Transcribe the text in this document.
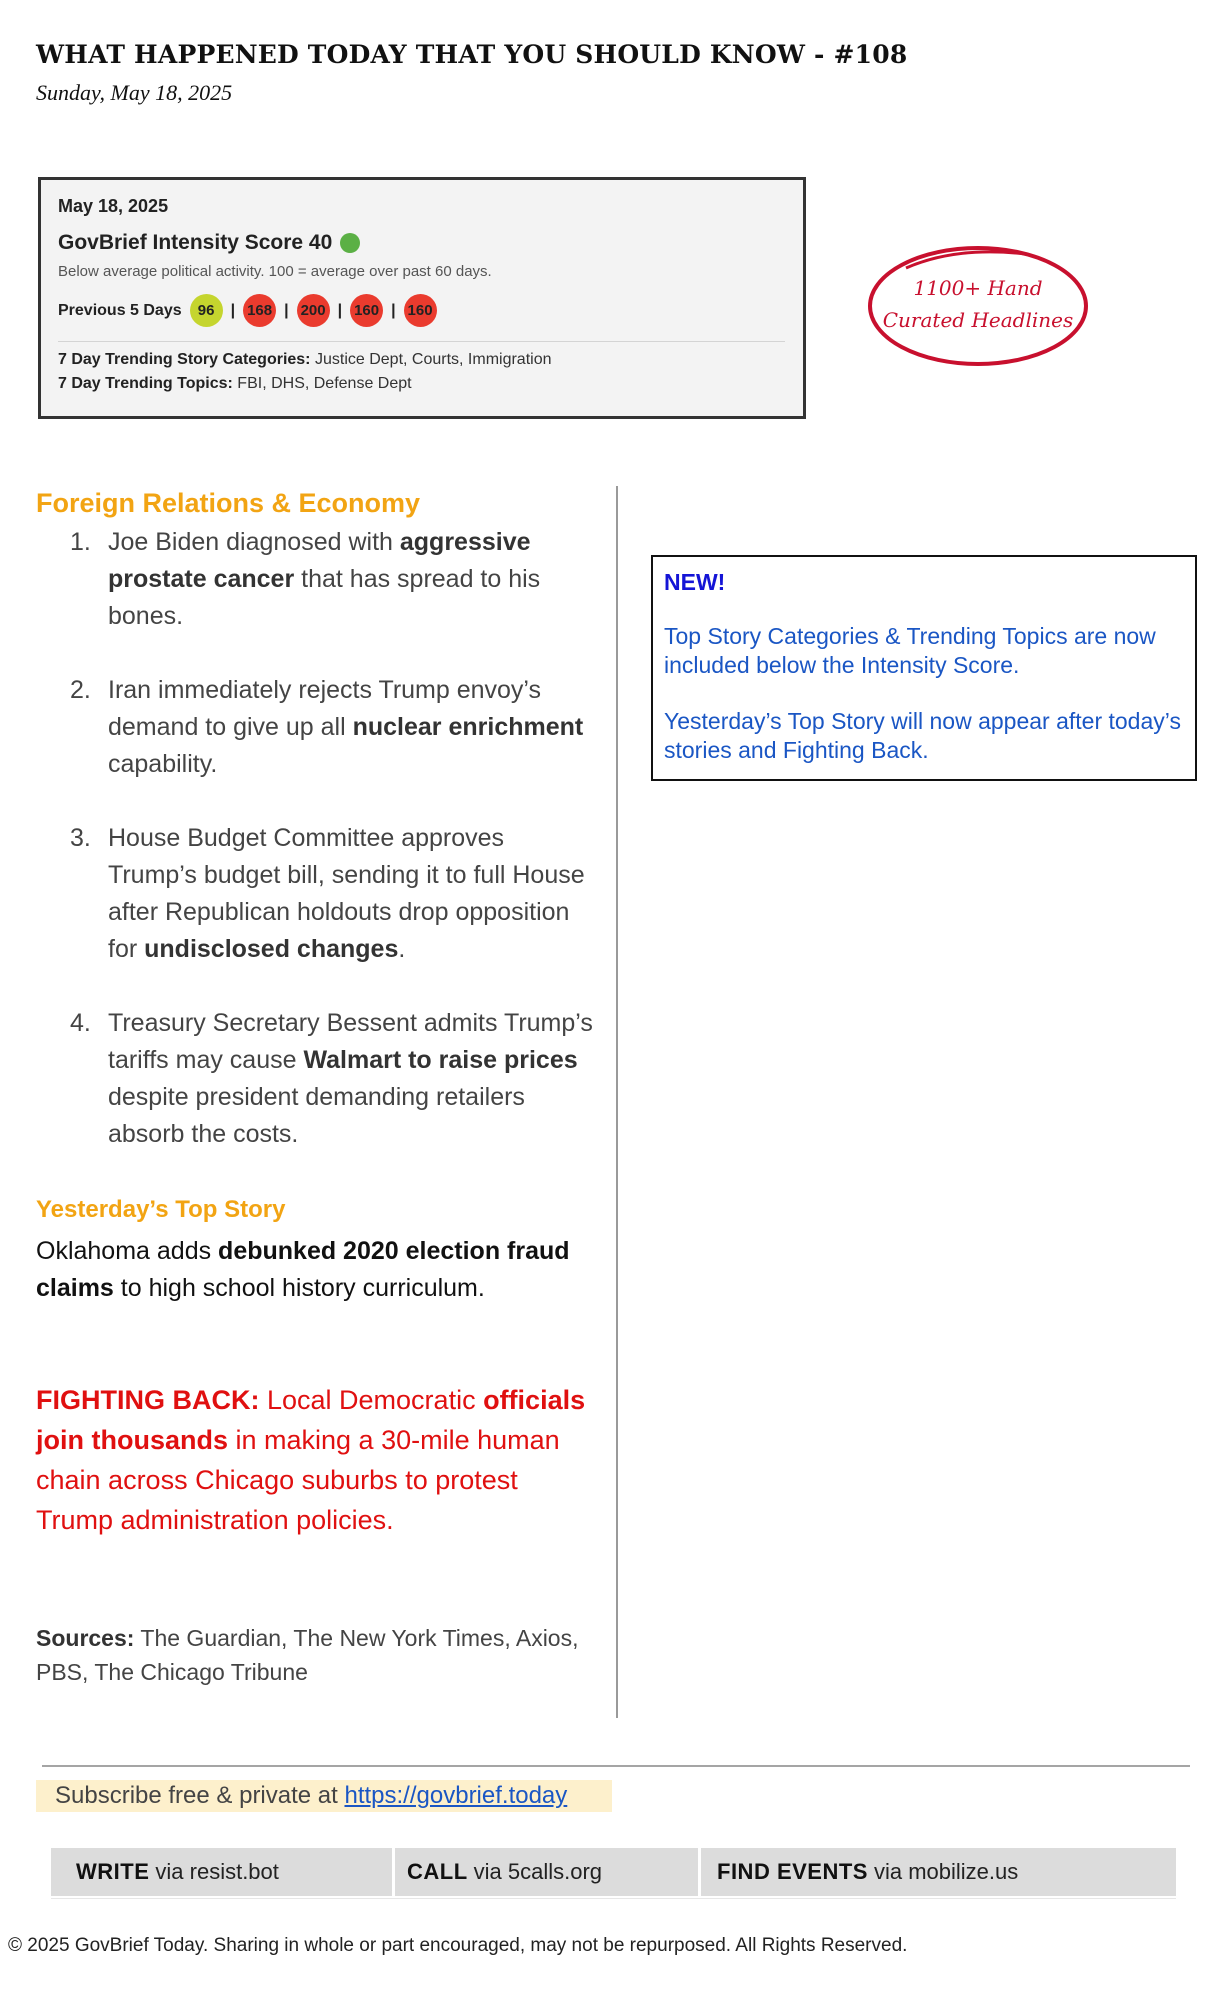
WHAT HAPPENED TODAY THAT YOU SHOULD KNOW - #108
Sunday, May 18, 2025
May 18, 2025
GovBrief Intensity Score 40
Below average political activity. 100 = average over past 60 days.
Previous 5 Days	96	| 168 | 200 | 160 | 160
7 Day Trending Story Categories: Justice Dept, Courts, Immigration
7 Day Trending Topics: FBI, DHS, Defense Dept
1100+ Hand
Curated Headlines
Foreign Relations & Economy
1. Joe Biden diagnosed with aggressive prostate cancer that has spread to his bones.
2. Iran immediately rejects Trump envoy’s demand to give up all nuclear enrichment capability.
3. House Budget Committee approves Trump’s budget bill, sending it to full House after Republican holdouts drop opposition for undisclosed changes.
4. Treasury Secretary Bessent admits Trump’s tariffs may cause Walmart to raise prices despite president demanding retailers absorb the costs.
Yesterday’s Top Story
Oklahoma adds debunked 2020 election fraud claims to high school history curriculum.
FIGHTING BACK: Local Democratic officials join thousands in making a 30-mile human chain across Chicago suburbs to protest Trump administration policies.
Sources: The Guardian, The New York Times, Axios, PBS, The Chicago Tribune
NEW!
Top Story Categories & Trending Topics are now included below the Intensity Score.
Yesterday’s Top Story will now appear after today’s stories and Fighting Back.
Subscribe free & private at https://govbrief.today
WRITE via resist.bot	CALL via 5calls.org	FIND EVENTS via mobilize.us
© 2025 GovBrief Today. Sharing in whole or part encouraged, may not be repurposed. All Rights Reserved.
